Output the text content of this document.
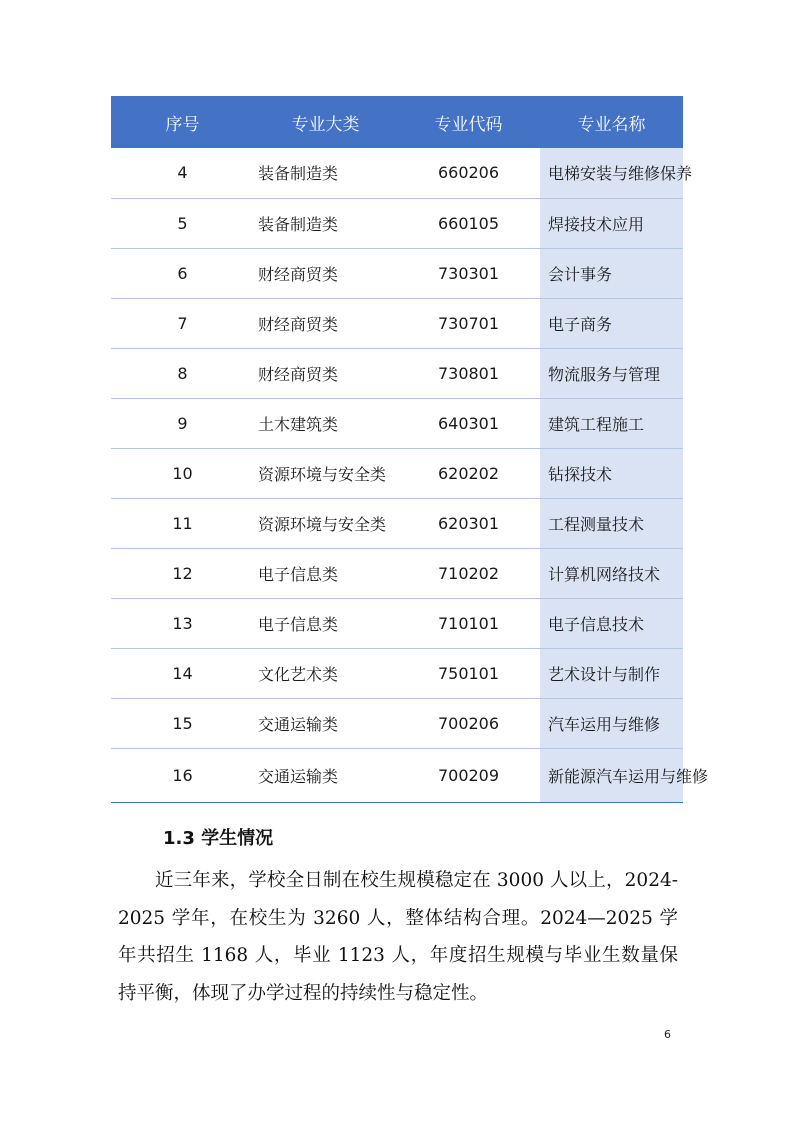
序号	专业大类	专业代码	专业名称
4	装备制造类	660206	电梯安装与维修保养
5	装备制造类	660105	焊接技术应用
6	财经商贸类	730301	会计事务
7	财经商贸类	730701	电子商务
8	财经商贸类	730801	物流服务与管理
9	土木建筑类	640301	建筑工程施工
10	资源环境与安全类	620202	钻探技术
11	资源环境与安全类	620301	工程测量技术
12	电子信息类	710202	计算机网络技术
13	电子信息类	710101	电子信息技术
14	文化艺术类	750101	艺术设计与制作
15	交通运输类	700206	汽车运用与维修
16	交通运输类	700209	新能源汽车运用与维修
1.3 学生情况

近三年来，学校全日制在校生规模稳定在 3000 人以上，2024-2025 学年，在校生为 3260 人，整体结构合理。2024—2025 学年共招生 1168 人，毕业 1123 人，年度招生规模与毕业生数量保持平衡，体现了办学过程的持续性与稳定性。

6
